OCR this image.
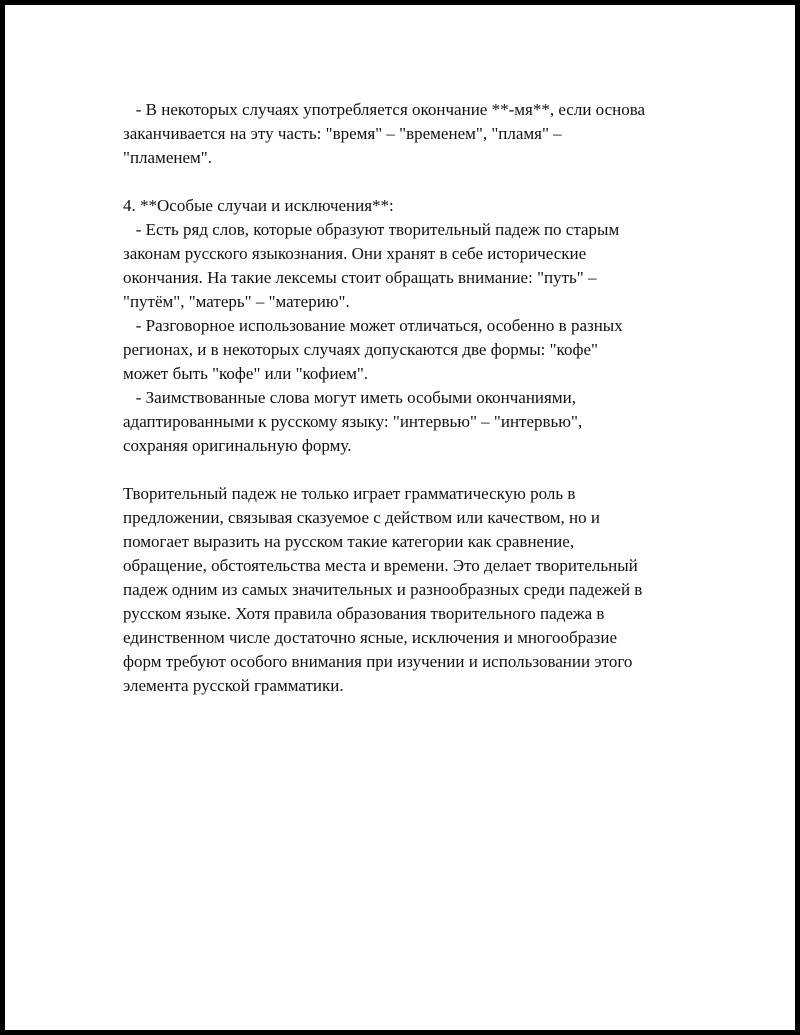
- В некоторых случаях употребляется окончание **-мя**, если основа
заканчивается на эту часть: "время" – "временем", "пламя" –
"пламенем".
4. **Особые случаи и исключения**:
- Есть ряд слов, которые образуют творительный падеж по старым
законам русского языкознания. Они хранят в себе исторические
окончания. На такие лексемы стоит обращать внимание: "путь" –
"путём", "матерь" – "материю".
- Разговорное использование может отличаться, особенно в разных
регионах, и в некоторых случаях допускаются две формы: "кофе"
может быть "кофе" или "кофием".
- Заимствованные слова могут иметь особыми окончаниями,
адаптированными к русскому языку: "интервью" – "интервью",
сохраняя оригинальную форму.
Творительный падеж не только играет грамматическую роль в
предложении, связывая сказуемое с действом или качеством, но и
помогает выразить на русском такие категории как сравнение,
обращение, обстоятельства места и времени. Это делает творительный
падеж одним из самых значительных и разнообразных среди падежей в
русском языке. Хотя правила образования творительного падежа в
единственном числе достаточно ясные, исключения и многообразие
форм требуют особого внимания при изучении и использовании этого
элемента русской грамматики.
